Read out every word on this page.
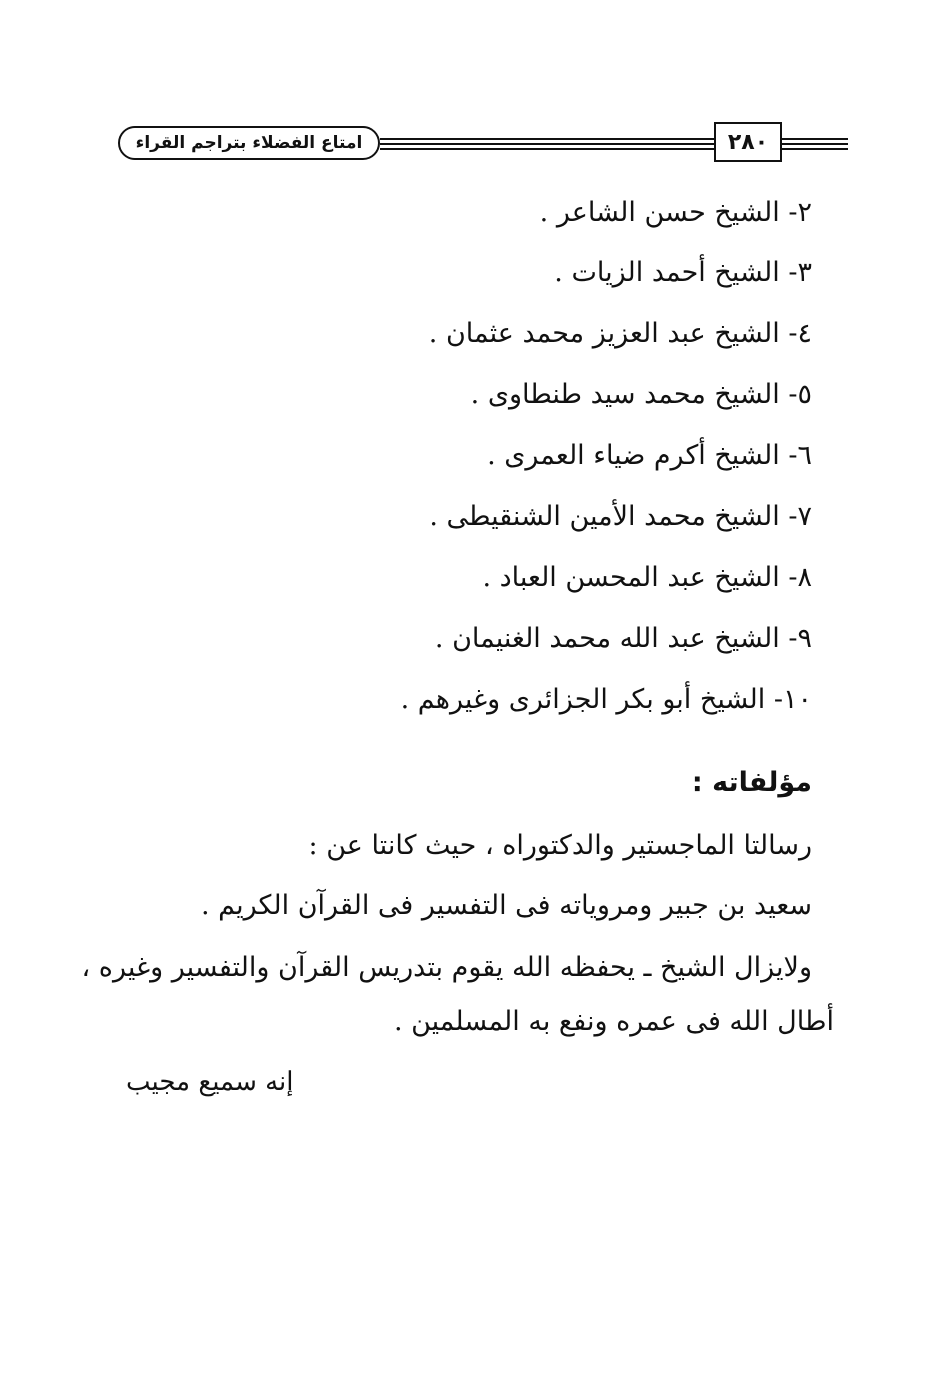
امتاع الفضلاء بتراجم القراء	٢٨٠
٢- الشيخ حسن الشاعر .
٣- الشيخ أحمد الزيات .
٤- الشيخ عبد العزيز محمد عثمان .
٥- الشيخ محمد سيد طنطاوى .
٦- الشيخ أكرم ضياء العمرى .
٧- الشيخ محمد الأمين الشنقيطى .
٨- الشيخ عبد المحسن العباد .
٩- الشيخ عبد الله محمد الغنيمان .
١٠- الشيخ أبو بكر الجزائرى وغيرهم .
مؤلفاته :
رسالتا الماجستير والدكتوراه ، حيث كانتا عن :
سعيد بن جبير ومروياته فى التفسير فى القرآن الكريم .
ولايزال الشيخ ـ يحفظه الله يقوم بتدريس القرآن والتفسير وغيره ،
أطال الله فى عمره ونفع به المسلمين .
إنه سميع مجيب
